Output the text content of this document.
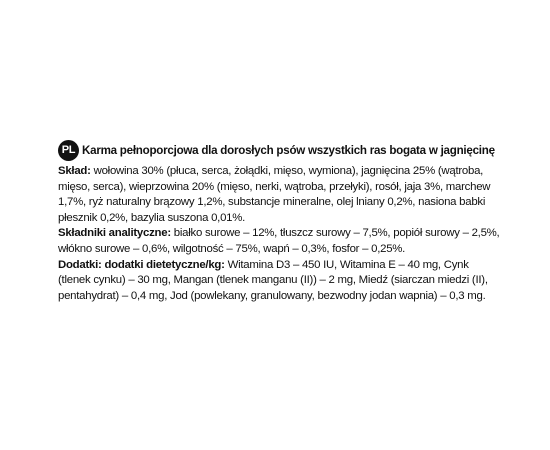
PL Karma pełnoporcjowa dla dorosłych psów wszystkich ras bogata w jagnięcinę
Skład: wołowina 30% (płuca, serca, żołądki, mięso, wymiona), jagnięcina 25% (wątroba,
mięso, serca), wieprzowina 20% (mięso, nerki, wątroba, przełyki), rosół, jaja 3%, marchew
1,7%, ryż naturalny brązowy 1,2%, substancje mineralne, olej lniany 0,2%, nasiona babki
płesznik 0,2%, bazylia suszona 0,01%.
Składniki analityczne: białko surowe – 12%, tłuszcz surowy – 7,5%, popiół surowy – 2,5%,
włókno surowe – 0,6%, wilgotność – 75%, wapń – 0,3%, fosfor – 0,25%.
Dodatki: dodatki dietetyczne/kg: Witamina D3 – 450 IU, Witamina E – 40 mg, Cynk
(tlenek cynku) – 30 mg, Mangan (tlenek manganu (II)) – 2 mg, Miedź (siarczan miedzi (II),
pentahydrat) – 0,4 mg, Jod (powlekany, granulowany, bezwodny jodan wapnia) – 0,3 mg.
